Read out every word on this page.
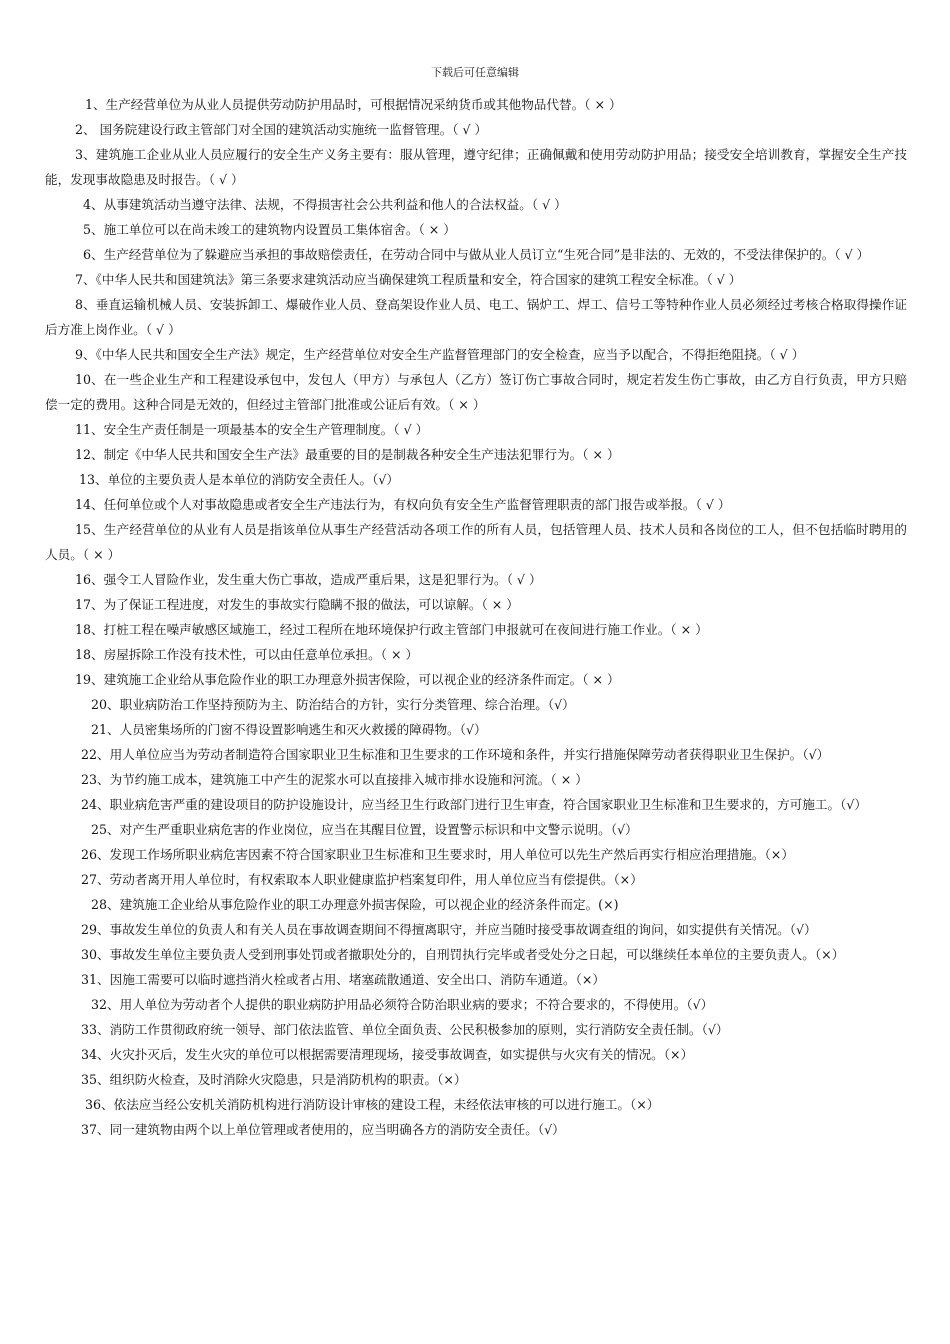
下载后可任意编辑
1、生产经营单位为从业人员提供劳动防护用品时，可根据情况采纳货币或其他物品代替。（ × ）
2、 国务院建设行政主管部门对全国的建筑活动实施统一监督管理。（ √ ）
3、建筑施工企业从业人员应履行的安全生产义务主要有：服从管理，遵守纪律；正确佩戴和使用劳动防护用品；接受安全培训教育，掌握安全生产技能，发现事故隐患及时报告。（ √ ）
4、从事建筑活动当遵守法律、法规，不得损害社会公共利益和他人的合法权益。（ √ ）
5、施工单位可以在尚未竣工的建筑物内设置员工集体宿舍。（ × ）
6、生产经营单位为了躲避应当承担的事故赔偿责任，在劳动合同中与做从业人员订立“生死合同”是非法的、无效的，不受法律保护的。（ √ ）
7、《中华人民共和国建筑法》第三条要求建筑活动应当确保建筑工程质量和安全，符合国家的建筑工程安全标准。（ √ ）
8、垂直运输机械人员、安装拆卸工、爆破作业人员、登高架设作业人员、电工、锅炉工、焊工、信号工等特种作业人员必须经过考核合格取得操作证后方准上岗作业。（ √ ）
9、《中华人民共和国安全生产法》规定，生产经营单位对安全生产监督管理部门的安全检查，应当予以配合，不得拒绝阻挠。（ √ ）
10、在一些企业生产和工程建设承包中，发包人（甲方）与承包人（乙方）签订伤亡事故合同时，规定若发生伤亡事故，由乙方自行负责，甲方只赔偿一定的费用。这种合同是无效的，但经过主管部门批准或公证后有效。（ × ）
11、安全生产责任制是一项最基本的安全生产管理制度。（ √ ）
12、制定《中华人民共和国安全生产法》最重要的目的是制裁各种安全生产违法犯罪行为。（ × ）
13、单位的主要负责人是本单位的消防安全责任人。（√）
14、任何单位或个人对事故隐患或者安全生产违法行为，有权向负有安全生产监督管理职责的部门报告或举报。（ √ ）
15、生产经营单位的从业有人员是指该单位从事生产经营活动各项工作的所有人员，包括管理人员、技术人员和各岗位的工人，但不包括临时聘用的人员。（ × ）
16、强令工人冒险作业，发生重大伤亡事故，造成严重后果，这是犯罪行为。（ √ ）
17、为了保证工程进度，对发生的事故实行隐瞒不报的做法，可以谅解。（ × ）
18、打桩工程在噪声敏感区域施工，经过工程所在地环境保护行政主管部门申报就可在夜间进行施工作业。（ × ）
18、房屋拆除工作没有技术性，可以由任意单位承担。（ × ）
19、建筑施工企业给从事危险作业的职工办理意外损害保险，可以视企业的经济条件而定。（ × ）
20、职业病防治工作坚持预防为主、防治结合的方针，实行分类管理、综合治理。（√）
21、人员密集场所的门窗不得设置影响逃生和灭火救援的障碍物。（√）
22、用人单位应当为劳动者制造符合国家职业卫生标准和卫生要求的工作环境和条件，并实行措施保障劳动者获得职业卫生保护。（√）
23、为节约施工成本，建筑施工中产生的泥浆水可以直接排入城市排水设施和河流。（ × ）
24、职业病危害严重的建设项目的防护设施设计，应当经卫生行政部门进行卫生审查，符合国家职业卫生标准和卫生要求的，方可施工。（√）
25、对产生严重职业病危害的作业岗位，应当在其醒目位置，设置警示标识和中文警示说明。（√）
26、发现工作场所职业病危害因素不符合国家职业卫生标准和卫生要求时，用人单位可以先生产然后再实行相应治理措施。（×）
27、劳动者离开用人单位时，有权索取本人职业健康监护档案复印件，用人单位应当有偿提供。（×）
28、建筑施工企业给从事危险作业的职工办理意外损害保险，可以视企业的经济条件而定。(×)
29、事故发生单位的负责人和有关人员在事故调查期间不得擅离职守，并应当随时接受事故调查组的询问，如实提供有关情况。（√）
30、事故发生单位主要负责人受到刑事处罚或者撤职处分的，自刑罚执行完毕或者受处分之日起，可以继续任本单位的主要负责人。（×）
31、因施工需要可以临时遮挡消火栓或者占用、堵塞疏散通道、安全出口、消防车通道。（×）
32、用人单位为劳动者个人提供的职业病防护用品必须符合防治职业病的要求；不符合要求的，不得使用。（√）
33、消防工作贯彻政府统一领导、部门依法监管、单位全面负责、公民积极参加的原则，实行消防安全责任制。（√）
34、火灾扑灭后，发生火灾的单位可以根据需要清理现场，接受事故调查，如实提供与火灾有关的情况。（×）
35、组织防火检查，及时消除火灾隐患，只是消防机构的职责。（×）
36、依法应当经公安机关消防机构进行消防设计审核的建设工程，未经依法审核的可以进行施工。（×）
37、同一建筑物由两个以上单位管理或者使用的，应当明确各方的消防安全责任。（√）
